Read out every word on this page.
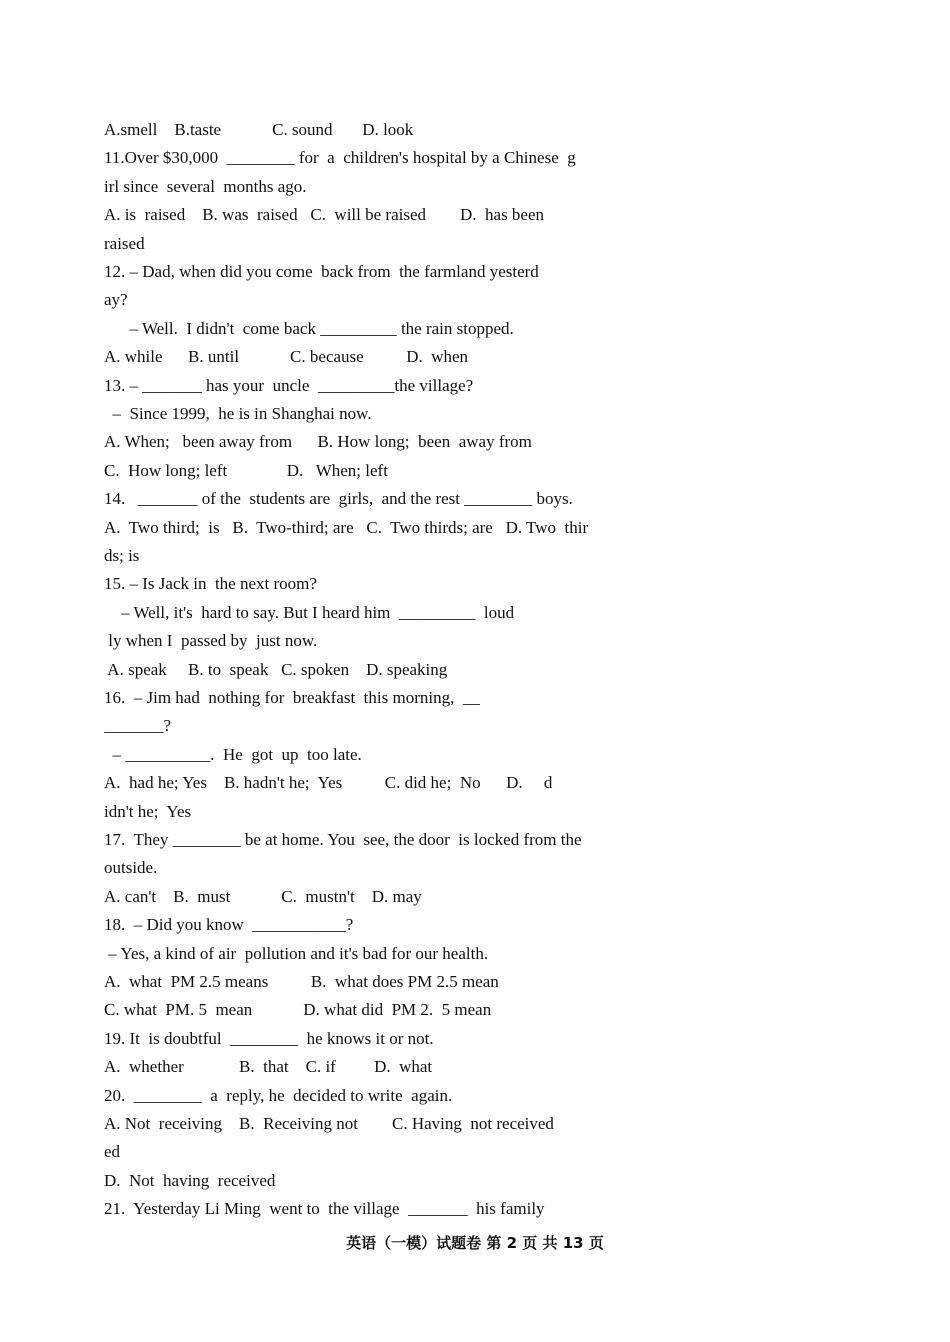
A.smell    B.taste            C. sound       D. look
11.Over $30,000  ________ for  a  children's hospital by a Chinese  g
irl since  several  months ago.
A. is  raised    B. was  raised   C.  will be raised        D.  has been
raised
12. – Dad, when did you come  back from  the farmland yesterd
ay?
– Well.  I didn't  come back _________ the rain stopped.
A. while      B. until            C. because          D.  when
13. – _______ has your  uncle  _________the village?
–  Since 1999,  he is in Shanghai now.
A. When;   been away from      B. How long;  been  away from
C.  How long; left              D.   When; left
14.   _______ of the  students are  girls,  and the rest ________ boys.
A.  Two third;  is   B.  Two-third; are   C.  Two thirds; are   D. Two  thir
ds; is
15. – Is Jack in  the next room?
– Well, it's  hard to say. But I heard him  _________  loud
ly when I  passed by  just now.
A. speak     B. to  speak   C. spoken    D. speaking
16.  – Jim had  nothing for  breakfast  this morning,  __
_______?
– __________.  He  got  up  too late.
A.  had he; Yes    B. hadn't he;  Yes          C. did he;  No      D.     d
idn't he;  Yes
17.  They ________ be at home. You  see, the door  is locked from the
outside.
A. can't    B.  must            C.  mustn't    D. may
18.  – Did you know  ___________?
– Yes, a kind of air  pollution and it's bad for our health.
A.  what  PM 2.5 means          B.  what does PM 2.5 mean
C. what  PM. 5  mean            D. what did  PM 2.  5 mean
19. It  is doubtful  ________  he knows it or not.
A.  whether             B.  that    C. if         D.  what
20.  ________  a  reply, he  decided to write  again.
A. Not  receiving    B.  Receiving not        C. Having  not received
ed
D.  Not  having  received
21.  Yesterday Li Ming  went to  the village  _______  his family
英语（一模）试题卷 第 2 页 共 13 页
